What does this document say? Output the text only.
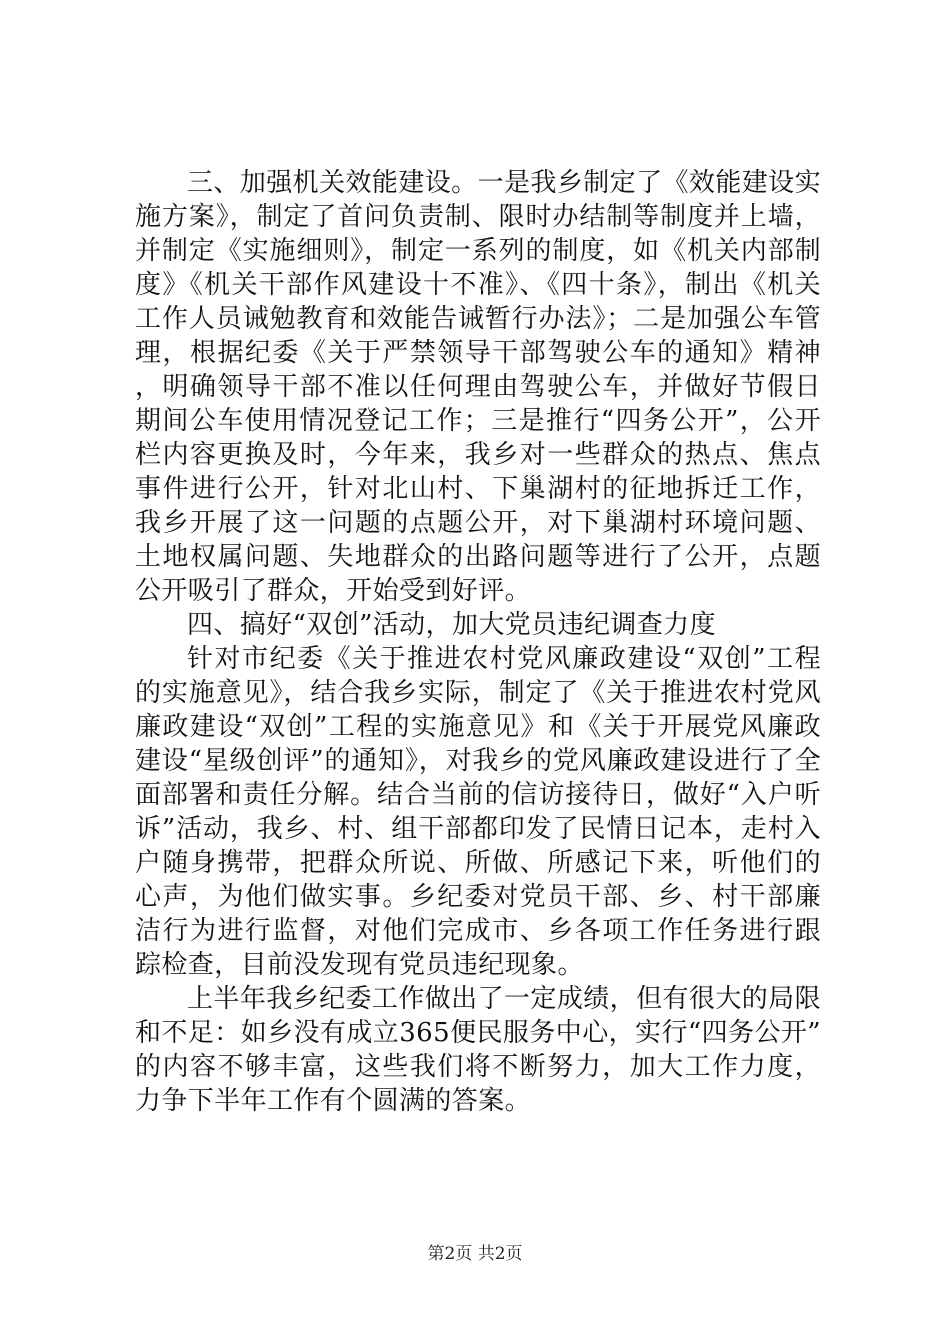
三、加强机关效能建设。一是我乡制定了《效能建设实施方案》，制定了首问负责制、限时办结制等制度并上墙，并制定《实施细则》，制定一系列的制度，如《机关内部制度》《机关干部作风建设十不准》、《四十条》，制出《机关工作人员诫勉教育和效能告诫暂行办法》；二是加强公车管理，根据纪委《关于严禁领导干部驾驶公车的通知》精神，明确领导干部不准以任何理由驾驶公车，并做好节假日期间公车使用情况登记工作；三是推行“四务公开”，公开栏内容更换及时，今年来，我乡对一些群众的热点、焦点事件进行公开，针对北山村、下巢湖村的征地拆迁工作，我乡开展了这一问题的点题公开，对下巢湖村环境问题、土地权属问题、失地群众的出路问题等进行了公开，点题公开吸引了群众，开始受到好评。

四、搞好“双创”活动，加大党员违纪调查力度

针对市纪委《关于推进农村党风廉政建设“双创”工程的实施意见》，结合我乡实际，制定了《关于推进农村党风廉政建设“双创”工程的实施意见》和《关于开展党风廉政建设“星级创评”的通知》，对我乡的党风廉政建设进行了全面部署和责任分解。结合当前的信访接待日，做好“入户听诉”活动，我乡、村、组干部都印发了民情日记本，走村入户随身携带，把群众所说、所做、所感记下来，听他们的心声，为他们做实事。乡纪委对党员干部、乡、村干部廉洁行为进行监督，对他们完成市、乡各项工作任务进行跟踪检查，目前没发现有党员违纪现象。

上半年我乡纪委工作做出了一定成绩，但有很大的局限和不足：如乡没有成立365便民服务中心，实行“四务公开”的内容不够丰富，这些我们将不断努力，加大工作力度，力争下半年工作有个圆满的答案。

第2页 共2页
